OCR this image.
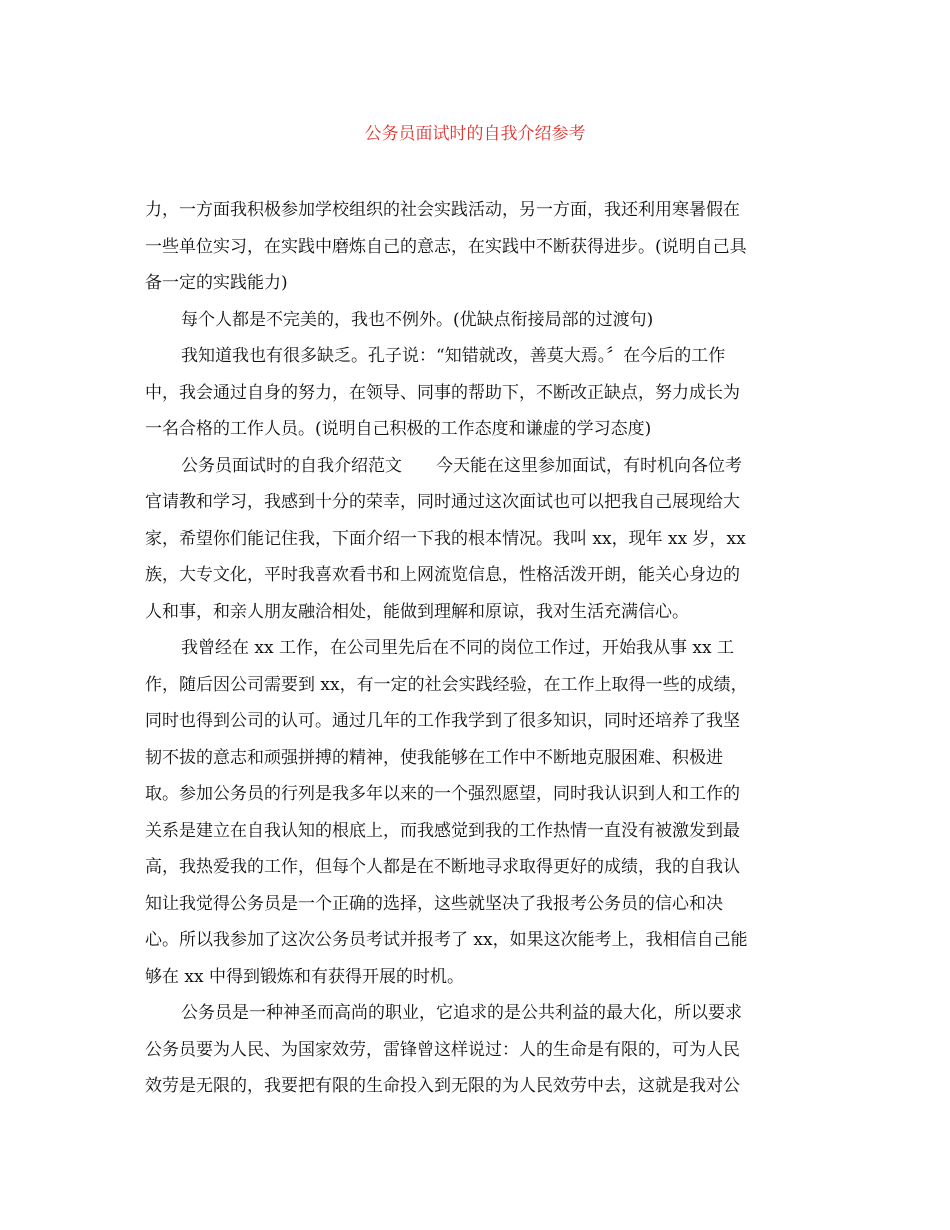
公务员面试时的自我介绍参考
力，一方面我积极参加学校组织的社会实践活动，另一方面，我还利用寒暑假在
一些单位实习，在实践中磨炼自己的意志，在实践中不断获得进步。(说明自己具
备一定的实践能力)
每个人都是不完美的，我也不例外。(优缺点衔接局部的过渡句)
我知道我也有很多缺乏。孔子说：“知错就改，善莫大焉。〞在今后的工作
中，我会通过自身的努力，在领导、同事的帮助下，不断改正缺点，努力成长为
一名合格的工作人员。(说明自己积极的工作态度和谦虚的学习态度)
公务员面试时的自我介绍范文　　今天能在这里参加面试，有时机向各位考
官请教和学习，我感到十分的荣幸，同时通过这次面试也可以把我自己展现给大
家，希望你们能记住我，下面介绍一下我的根本情况。我叫 xx，现年 xx 岁，xx
族，大专文化，平时我喜欢看书和上网流览信息，性格活泼开朗，能关心身边的
人和事，和亲人朋友融洽相处，能做到理解和原谅，我对生活充满信心。
我曾经在 xx 工作，在公司里先后在不同的岗位工作过，开始我从事 xx 工
作，随后因公司需要到 xx，有一定的社会实践经验，在工作上取得一些的成绩，
同时也得到公司的认可。通过几年的工作我学到了很多知识，同时还培养了我坚
韧不拔的意志和顽强拼搏的精神，使我能够在工作中不断地克服困难、积极进
取。参加公务员的行列是我多年以来的一个强烈愿望，同时我认识到人和工作的
关系是建立在自我认知的根底上，而我感觉到我的工作热情一直没有被激发到最
高，我热爱我的工作，但每个人都是在不断地寻求取得更好的成绩，我的自我认
知让我觉得公务员是一个正确的选择，这些就坚决了我报考公务员的信心和决
心。所以我参加了这次公务员考试并报考了 xx，如果这次能考上，我相信自己能
够在 xx 中得到锻炼和有获得开展的时机。
公务员是一种神圣而高尚的职业，它追求的是公共利益的最大化，所以要求
公务员要为人民、为国家效劳，雷锋曾这样说过：人的生命是有限的，可为人民
效劳是无限的，我要把有限的生命投入到无限的为人民效劳中去，这就是我对公
